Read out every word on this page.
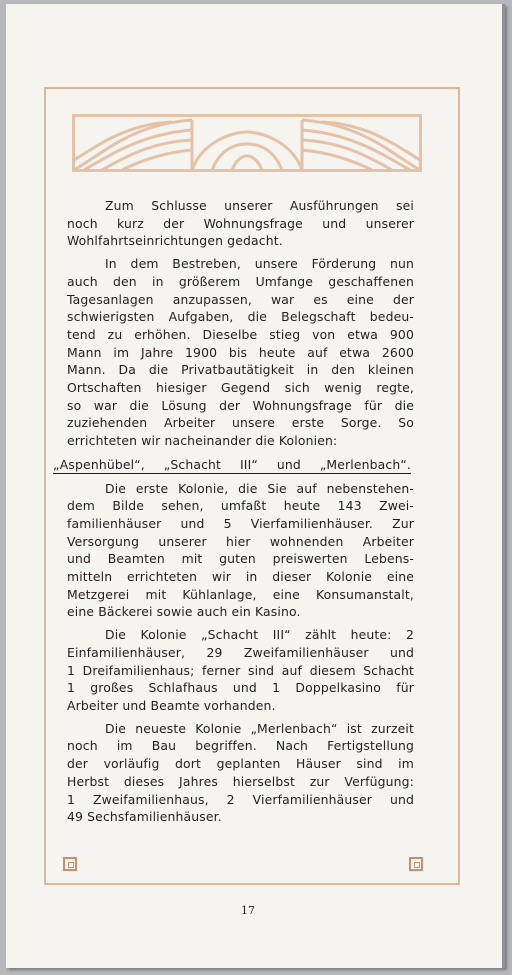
Zum Schlusse unserer Ausführungen sei
noch kurz der Wohnungsfrage und unserer
Wohlfahrtseinrichtungen gedacht.
In dem Bestreben, unsere Förderung nun
auch den in größerem Umfange geschaffenen
Tagesanlagen anzupassen, war es eine der
schwierigsten Aufgaben, die Belegschaft bedeu-
tend zu erhöhen. Dieselbe stieg von etwa 900
Mann im Jahre 1900 bis heute auf etwa 2600
Mann. Da die Privatbautätigkeit in den kleinen
Ortschaften hiesiger Gegend sich wenig regte,
so war die Lösung der Wohnungsfrage für die
zuziehenden Arbeiter unsere erste Sorge. So
errichteten wir nacheinander die Kolonien:
„Aspenhübel“, „Schacht III“ und „Merlenbach“.
Die erste Kolonie, die Sie auf nebenstehen-
dem Bilde sehen, umfaßt heute 143 Zwei-
familienhäuser und 5 Vierfamilienhäuser. Zur
Versorgung unserer hier wohnenden Arbeiter
und Beamten mit guten preiswerten Lebens-
mitteln errichteten wir in dieser Kolonie eine
Metzgerei mit Kühlanlage, eine Konsumanstalt,
eine Bäckerei sowie auch ein Kasino.
Die Kolonie „Schacht III“ zählt heute: 2
Einfamilienhäuser, 29 Zweifamilienhäuser und
1 Dreifamilienhaus; ferner sind auf diesem Schacht
1 großes Schlafhaus und 1 Doppelkasino für
Arbeiter und Beamte vorhanden.
Die neueste Kolonie „Merlenbach“ ist zurzeit
noch im Bau begriffen. Nach Fertigstellung
der vorläufig dort geplanten Häuser sind im
Herbst dieses Jahres hierselbst zur Verfügung:
1 Zweifamilienhaus, 2 Vierfamilienhäuser und
49 Sechsfamilienhäuser.
17
